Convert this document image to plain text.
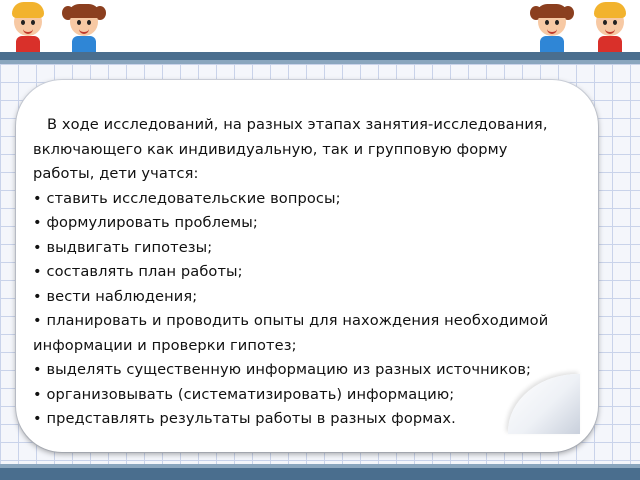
В ходе исследований, на разных этапах занятия-исследования, включающего как индивидуальную, так и групповую форму работы, дети учатся:

• ставить исследовательские вопросы;

• формулировать проблемы;

• выдвигать гипотезы;

• составлять план работы;

• вести наблюдения;

• планировать и проводить опыты для нахождения необходимой информации и проверки гипотез;

• выделять существенную информацию из разных источников;

• организовывать (систематизировать) информацию;

• представлять результаты работы в разных формах.
